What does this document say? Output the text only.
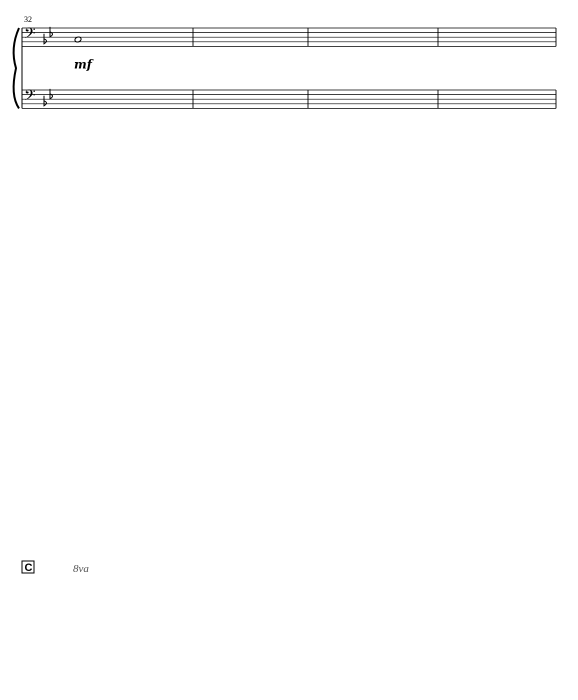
𝄢
𝄢
32
mf
C	8va
